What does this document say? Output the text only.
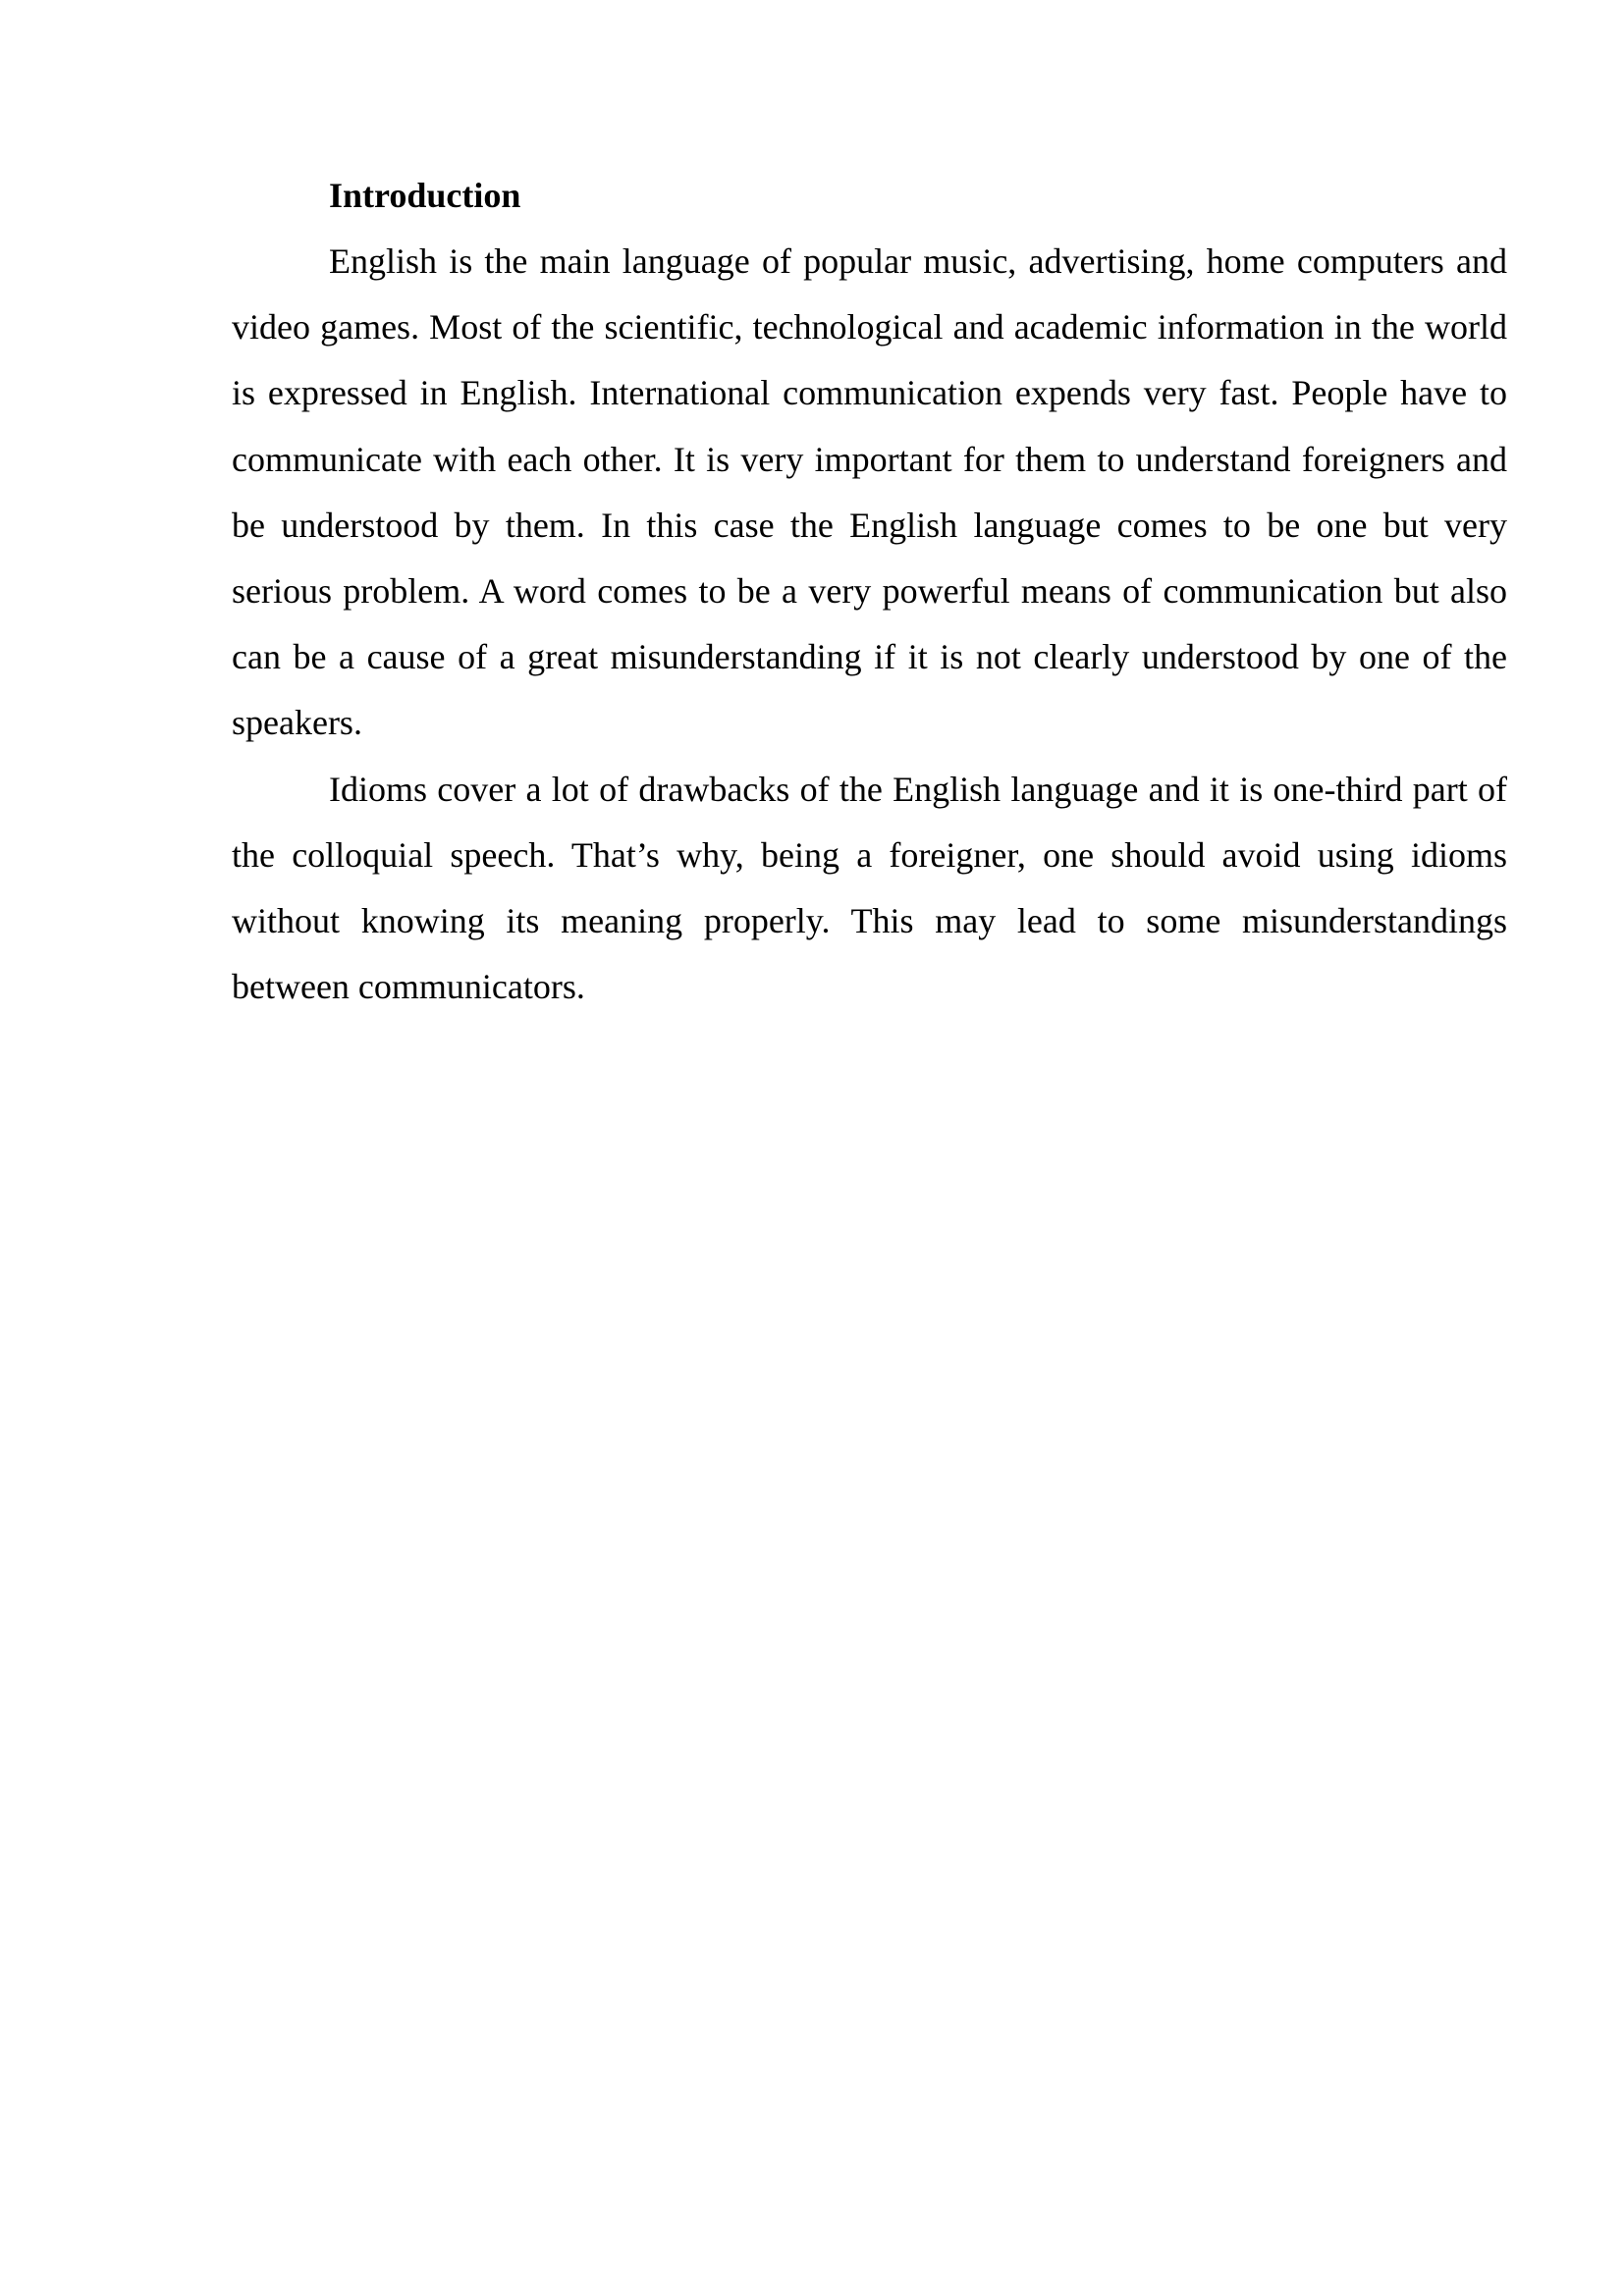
Introduction

English is the main language of popular music, advertising, home computers and video games. Most of the scientific, technological and academic information in the world is expressed in English. International communication expends very fast. People have to communicate with each other. It is very important for them to understand foreigners and be understood by them. In this case the English language comes to be one but very serious problem. A word comes to be a very powerful means of communication but also can be a cause of a great misunderstanding if it is not clearly understood by one of the speakers.

Idioms cover a lot of drawbacks of the English language and it is one-third part of the colloquial speech. That’s why, being a foreigner, one should avoid using idioms without knowing its meaning properly. This may lead to some misunderstandings between communicators.
